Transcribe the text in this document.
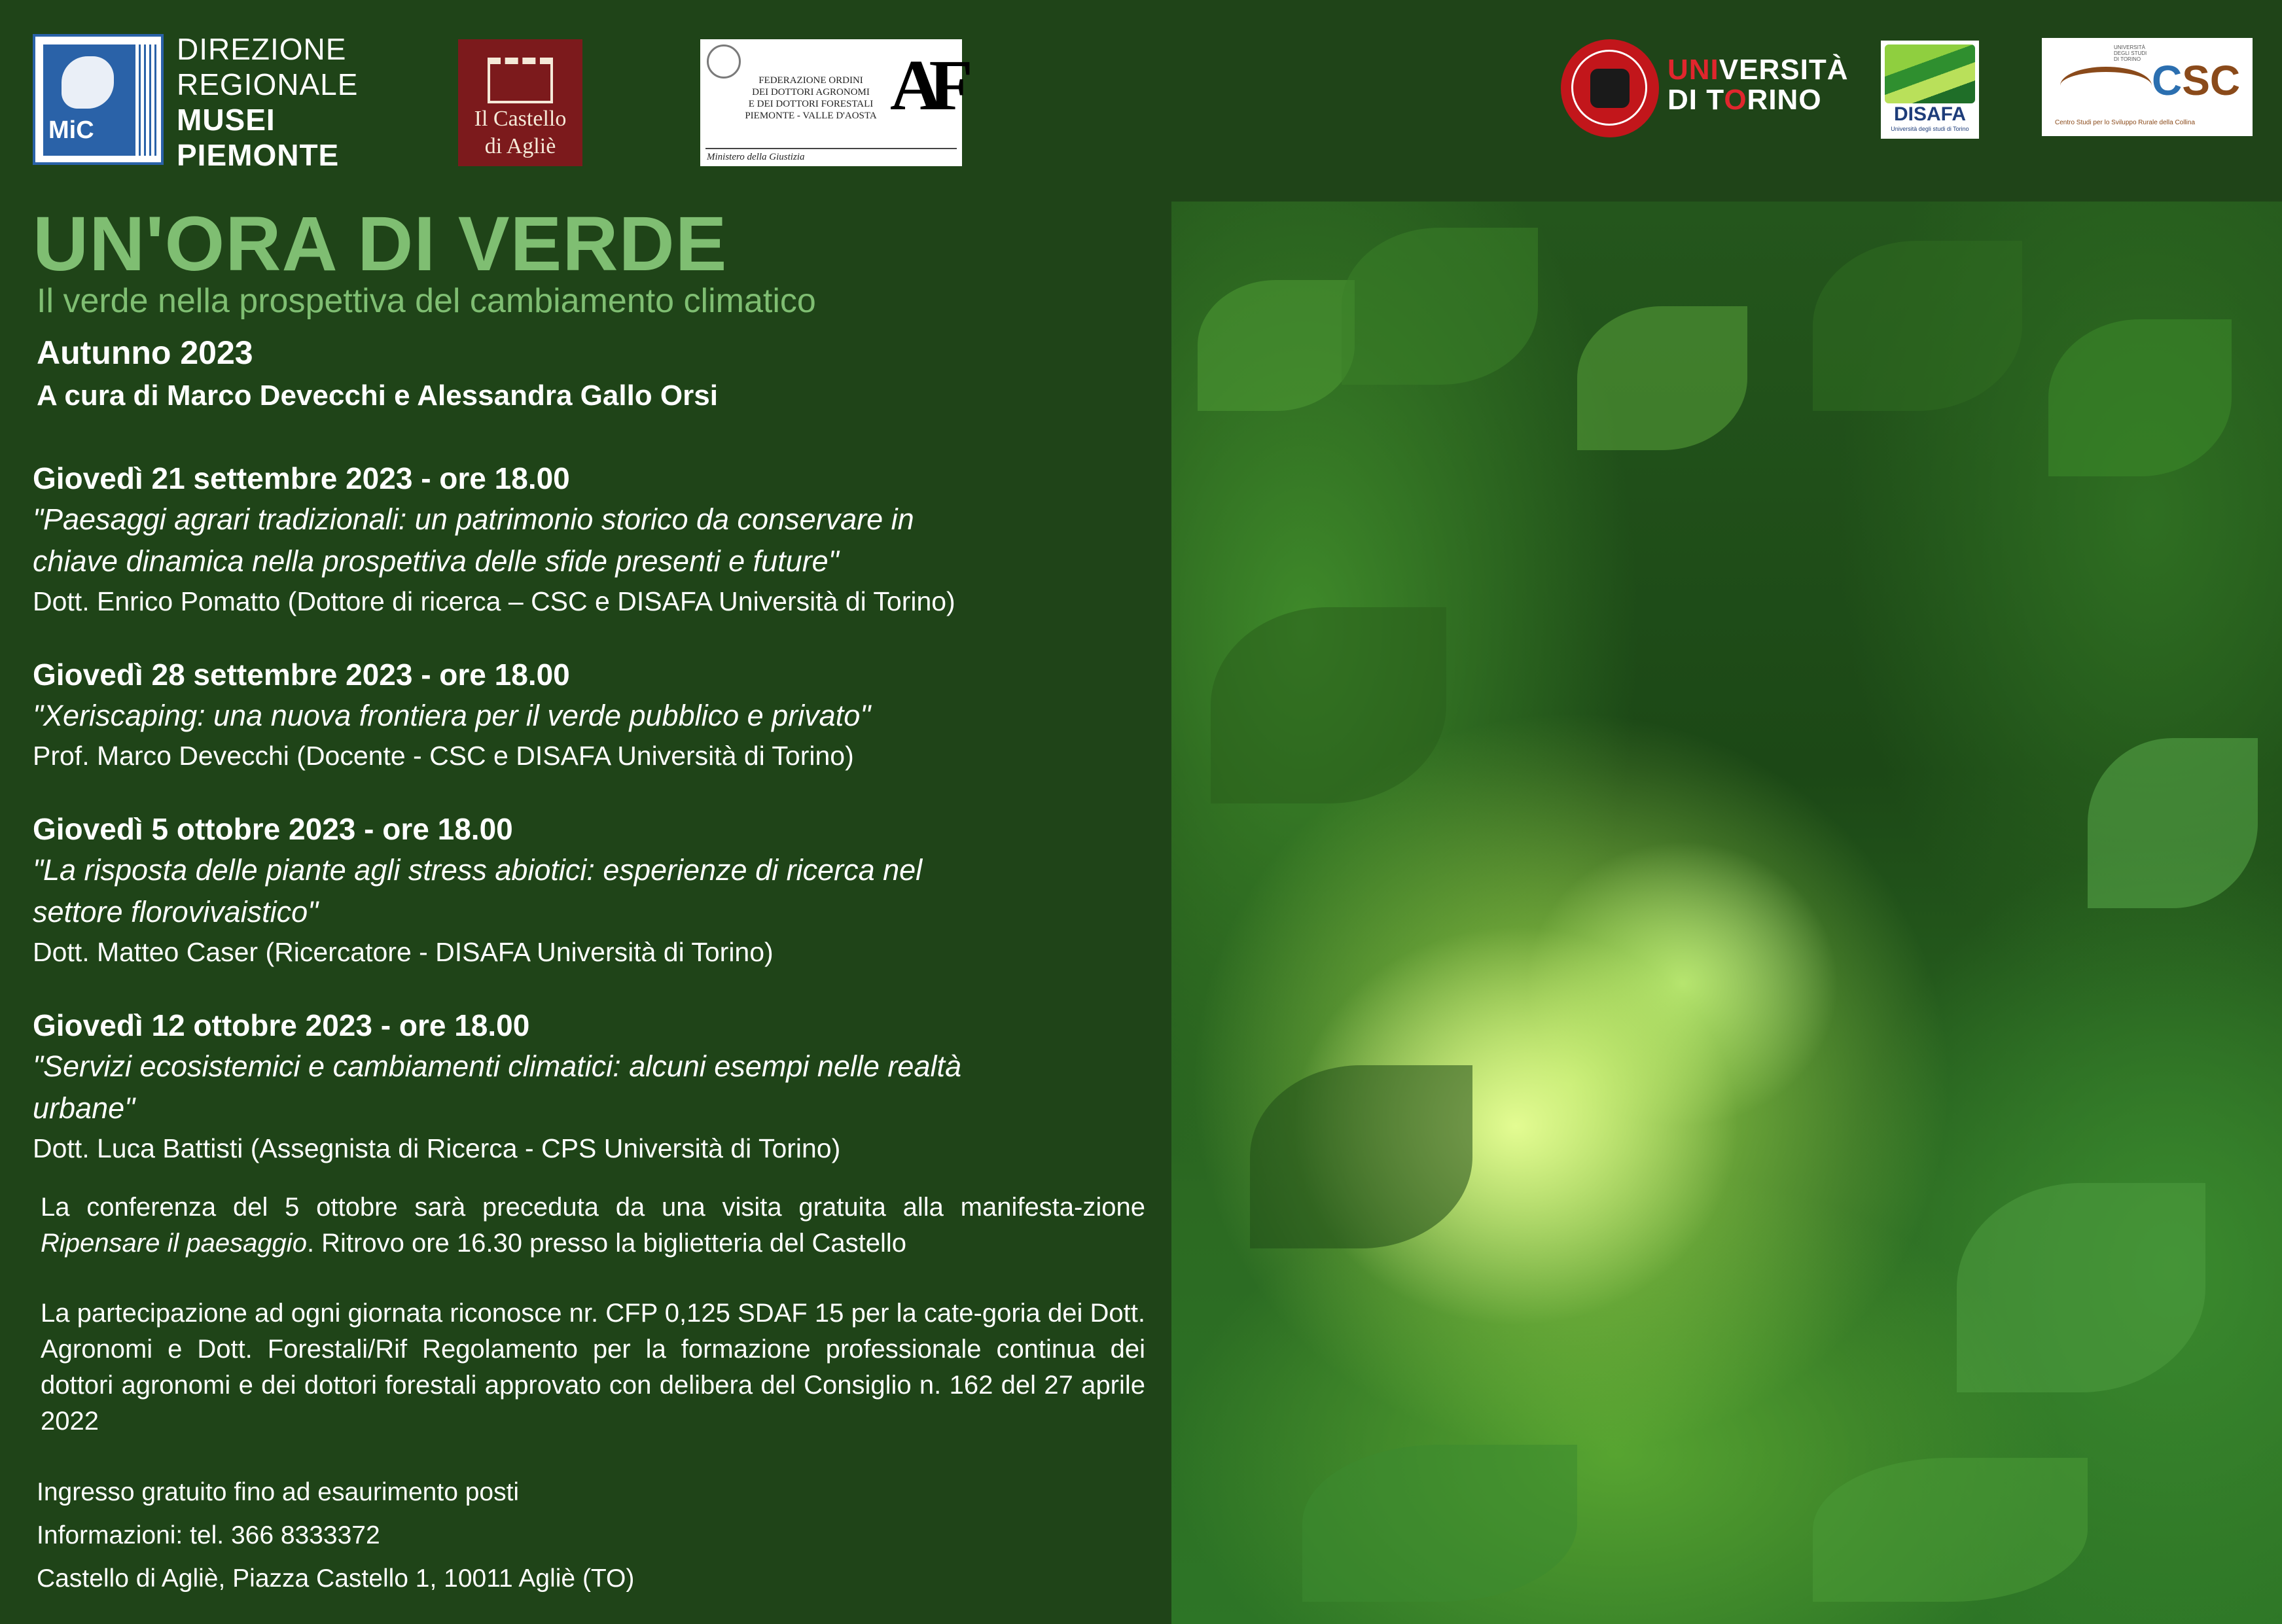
MiC
DIREZIONE
REGIONALE
MUSEI
PIEMONTE
Il Castello
di Agliè
FEDERAZIONE ORDINI
DEI DOTTORI AGRONOMI
E DEI DOTTORI FORESTALI
PIEMONTE - VALLE D'AOSTA AF
Ministero della Giustizia
UNIVERSITÀ
DI TORINO	DISAFA
Università degli studi di Torino
UNIVERSITÀ DEGLI STUDI DI TORINO CSC
Centro Studi per lo Sviluppo Rurale della Collina
UN'ORA DI VERDE
Il verde nella prospettiva del cambiamento climatico
Autunno 2023
A cura di Marco Devecchi e Alessandra Gallo Orsi
Giovedì 21 settembre 2023 - ore 18.00
"Paesaggi agrari tradizionali: un patrimonio storico da conservare in
chiave dinamica nella prospettiva delle sfide presenti e future"
Dott. Enrico Pomatto (Dottore di ricerca – CSC e DISAFA Università di Torino)
Giovedì 28 settembre 2023 - ore 18.00
"Xeriscaping: una nuova frontiera per il verde pubblico e privato"
Prof. Marco Devecchi (Docente - CSC e DISAFA Università di Torino)
Giovedì 5 ottobre 2023 - ore 18.00
"La risposta delle piante agli stress abiotici: esperienze di ricerca nel
settore florovivaistico"
Dott. Matteo Caser (Ricercatore - DISAFA Università di Torino)
Giovedì 12 ottobre 2023 - ore 18.00
"Servizi ecosistemici e cambiamenti climatici: alcuni esempi nelle realtà
urbane"
Dott. Luca Battisti (Assegnista di Ricerca - CPS Università di Torino)

La conferenza del 5 ottobre sarà preceduta da una visita gratuita alla manifesta-zione Ripensare il paesaggio. Ritrovo ore 16.30 presso la biglietteria del Castello

La partecipazione ad ogni giornata riconosce nr. CFP 0,125 SDAF 15 per la cate-goria dei Dott. Agronomi e Dott. Forestali/Rif Regolamento per la formazione professionale continua dei dottori agronomi e dei dottori forestali approvato con delibera del Consiglio n. 162 del 27 aprile 2022

Ingresso gratuito fino ad esaurimento posti
Informazioni: tel. 366 8333372
Castello di Agliè, Piazza Castello 1, 10011 Agliè (TO)
